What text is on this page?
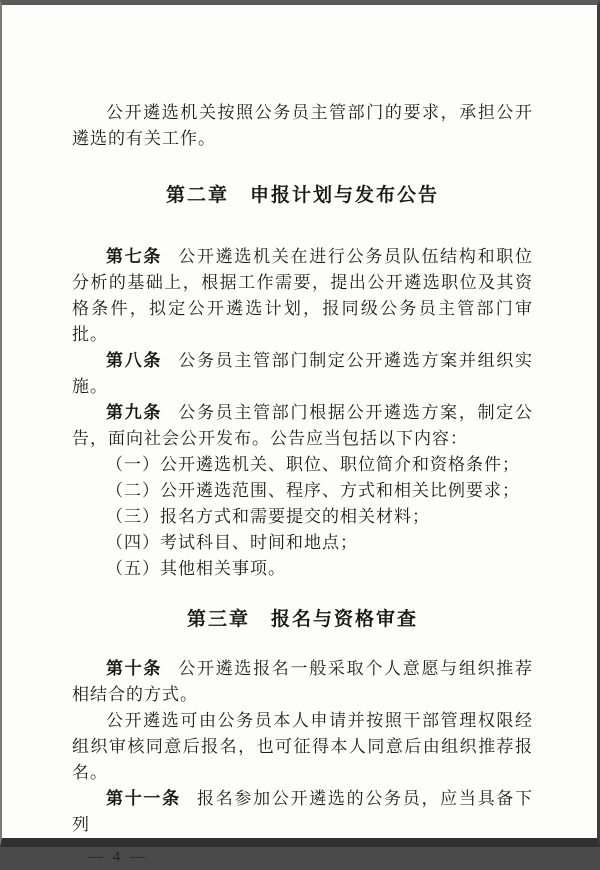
公开遴选机关按照公务员主管部门的要求，承担公开遴选的有关工作。

第二章　申报计划与发布公告

第七条 公开遴选机关在进行公务员队伍结构和职位分析的基础上，根据工作需要，提出公开遴选职位及其资格条件，拟定公开遴选计划，报同级公务员主管部门审批。

第八条 公务员主管部门制定公开遴选方案并组织实施。

第九条 公务员主管部门根据公开遴选方案，制定公告，面向社会公开发布。公告应当包括以下内容：

（一）公开遴选机关、职位、职位简介和资格条件；

（二）公开遴选范围、程序、方式和相关比例要求；

（三）报名方式和需要提交的相关材料；

（四）考试科目、时间和地点；

（五）其他相关事项。

第三章　报名与资格审查

第十条 公开遴选报名一般采取个人意愿与组织推荐相结合的方式。

公开遴选可由公务员本人申请并按照干部管理权限经组织审核同意后报名，也可征得本人同意后由组织推荐报名。

第十一条 报名参加公开遴选的公务员，应当具备下列

— 4 —
